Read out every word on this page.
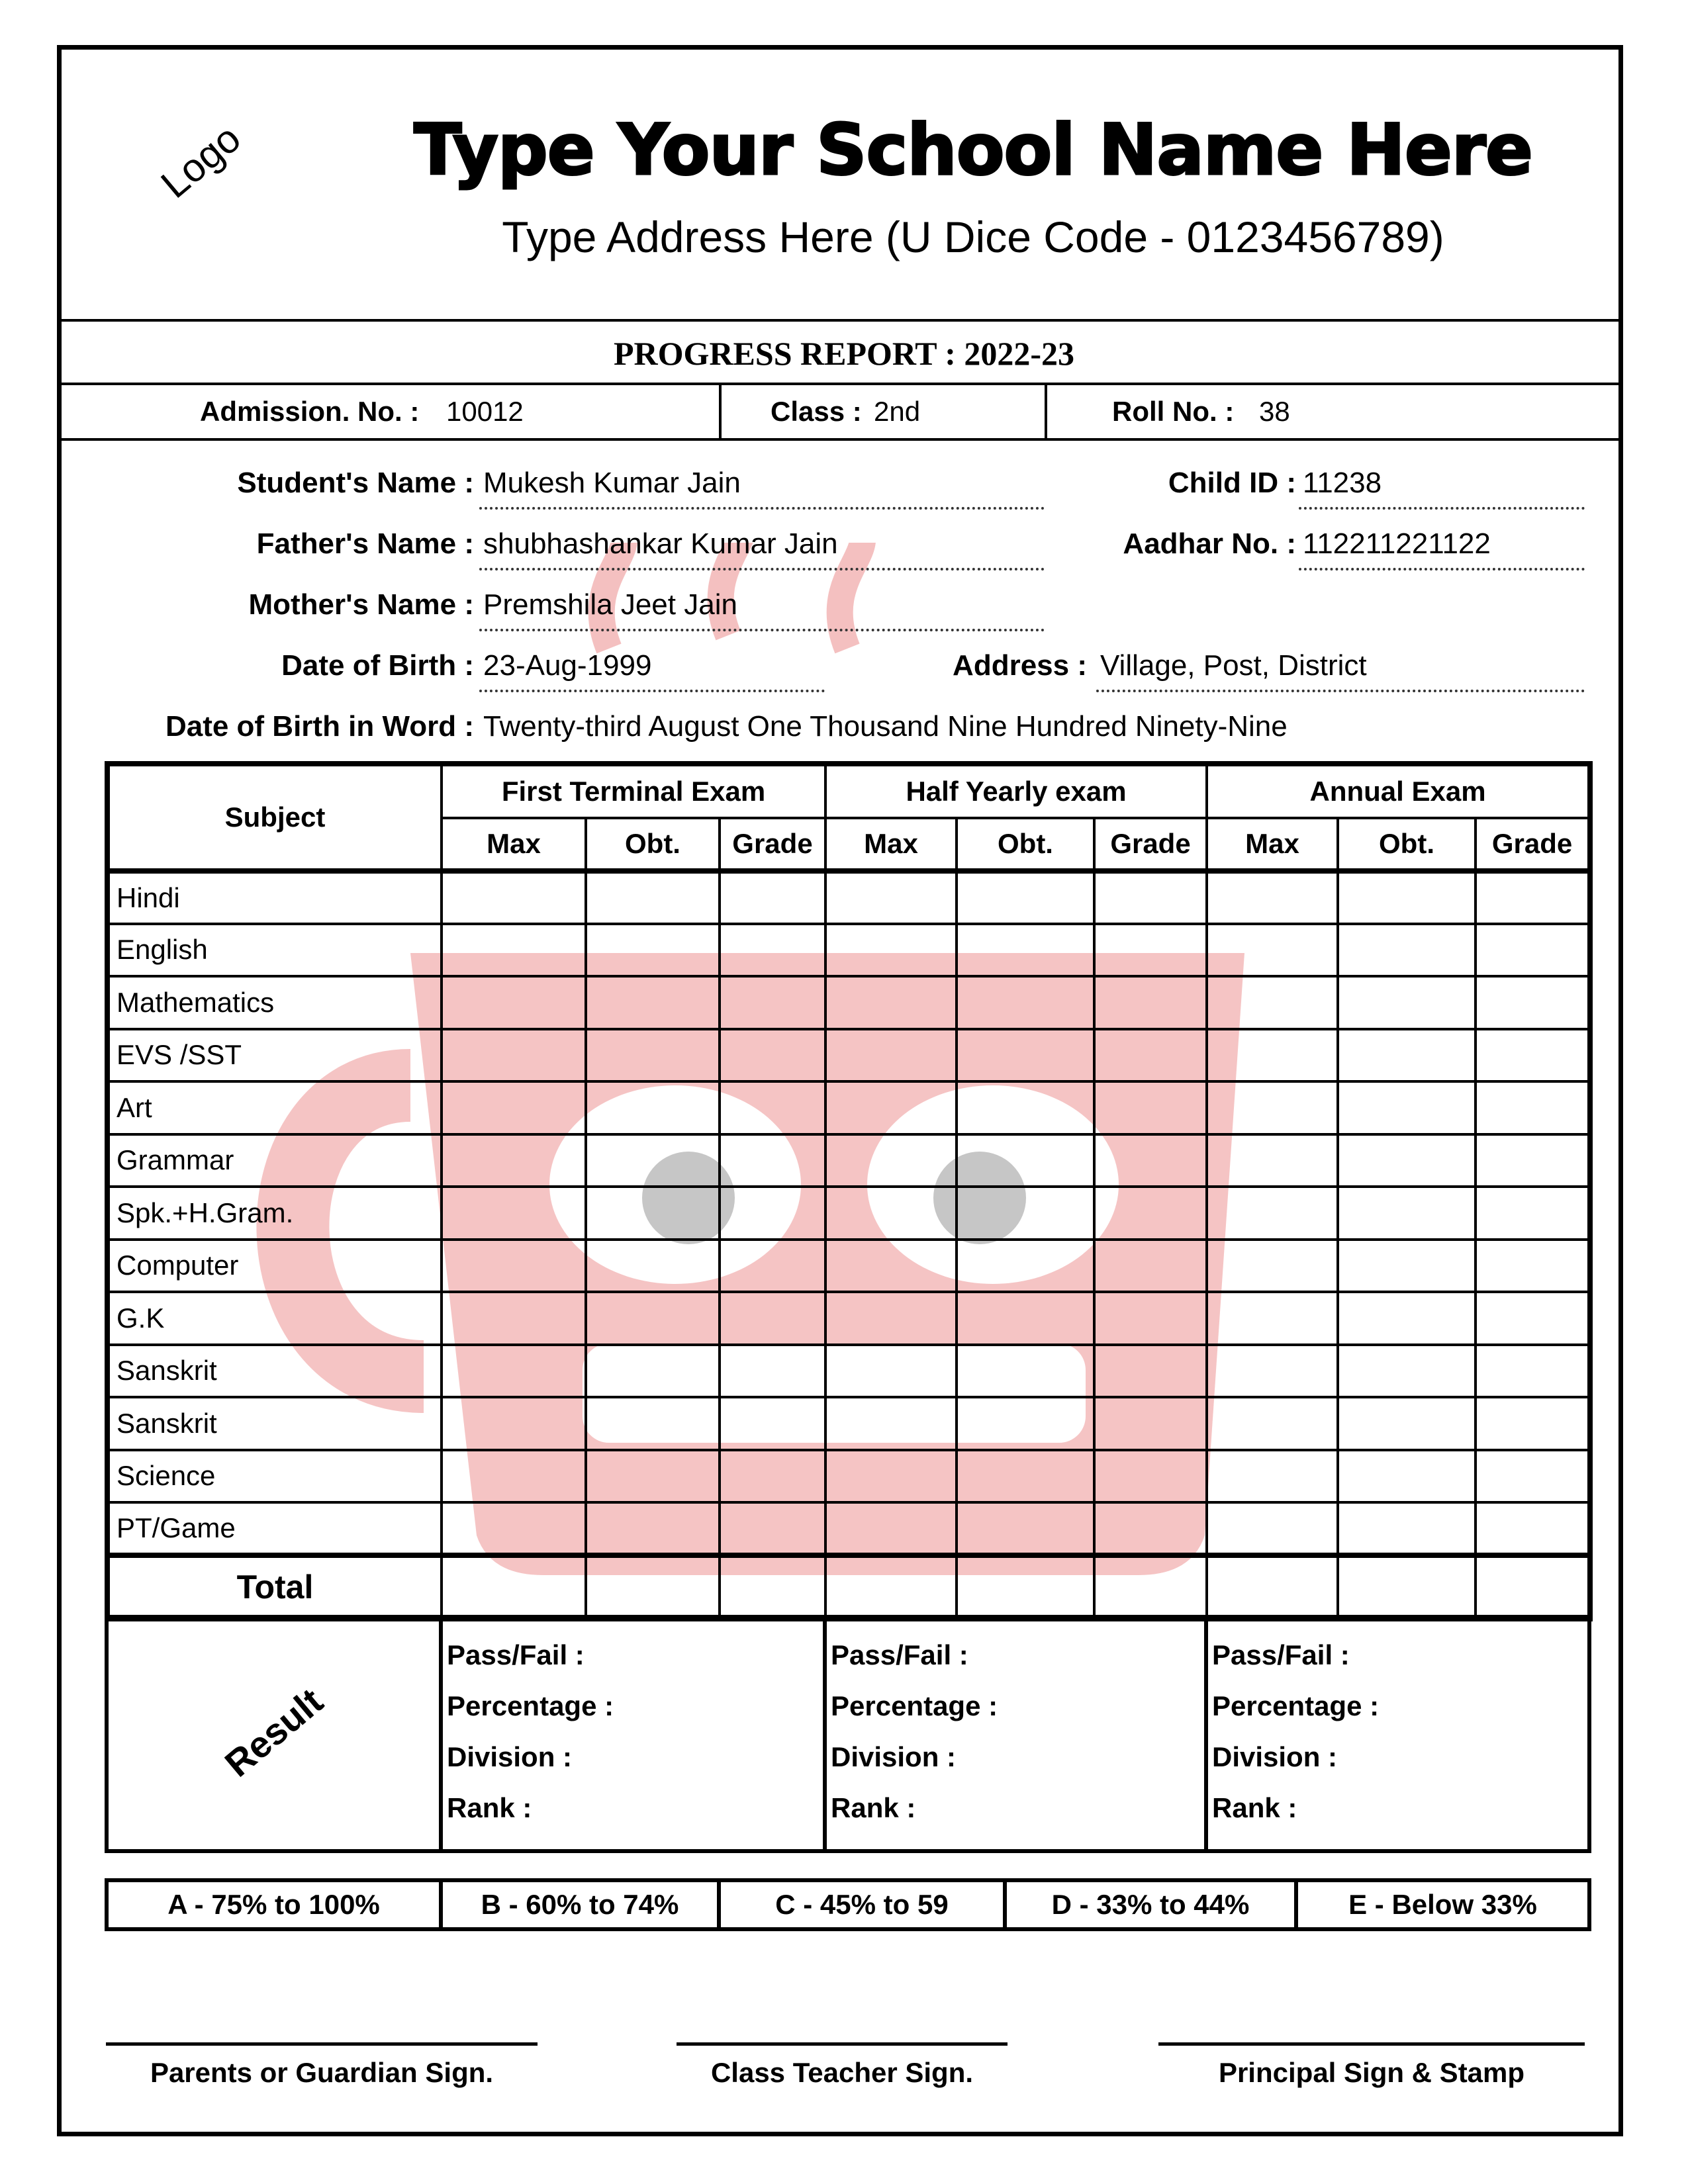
Logo	Type Your School Name Here
Type Address Here (U Dice Code - 0123456789)
PROGRESS REPORT : 2022-23
Admission. No. : 10012	Class : 2nd	Roll No. : 38
Student's Name : Mukesh Kumar Jain	Child ID : 11238
Father's Name : shubhashankar Kumar Jain	Aadhar No. : 112211221122
Mother's Name : Premshila Jeet Jain
Date of Birth : 23-Aug-1999	Address : Village, Post, District
Date of Birth in Word : Twenty-third August One Thousand Nine Hundred Ninety-Nine
Subject	First Terminal Exam			Half Yearly exam			Annual Exam		
	Max	Obt.	Grade	Max	Obt.	Grade	Max	Obt.	Grade
Hindi									
English									
Mathematics									
EVS /SST									
Art									
Grammar									
Spk.+H.Gram.									
Computer									
G.K									
Sanskrit									
Sanskrit									
Science									
PT/Game									
Total									
Result	
Pass/Fail :
Percentage :
Division :
Rank :

Pass/Fail :
Percentage :
Division :
Rank :

Pass/Fail :
Percentage :
Division :
Rank :
A - 75% to 100%	B - 60% to 74%	C - 45% to 59	D - 33% to 44%	E - Below 33%
Parents or Guardian Sign.	Class Teacher Sign.	Principal Sign & Stamp
